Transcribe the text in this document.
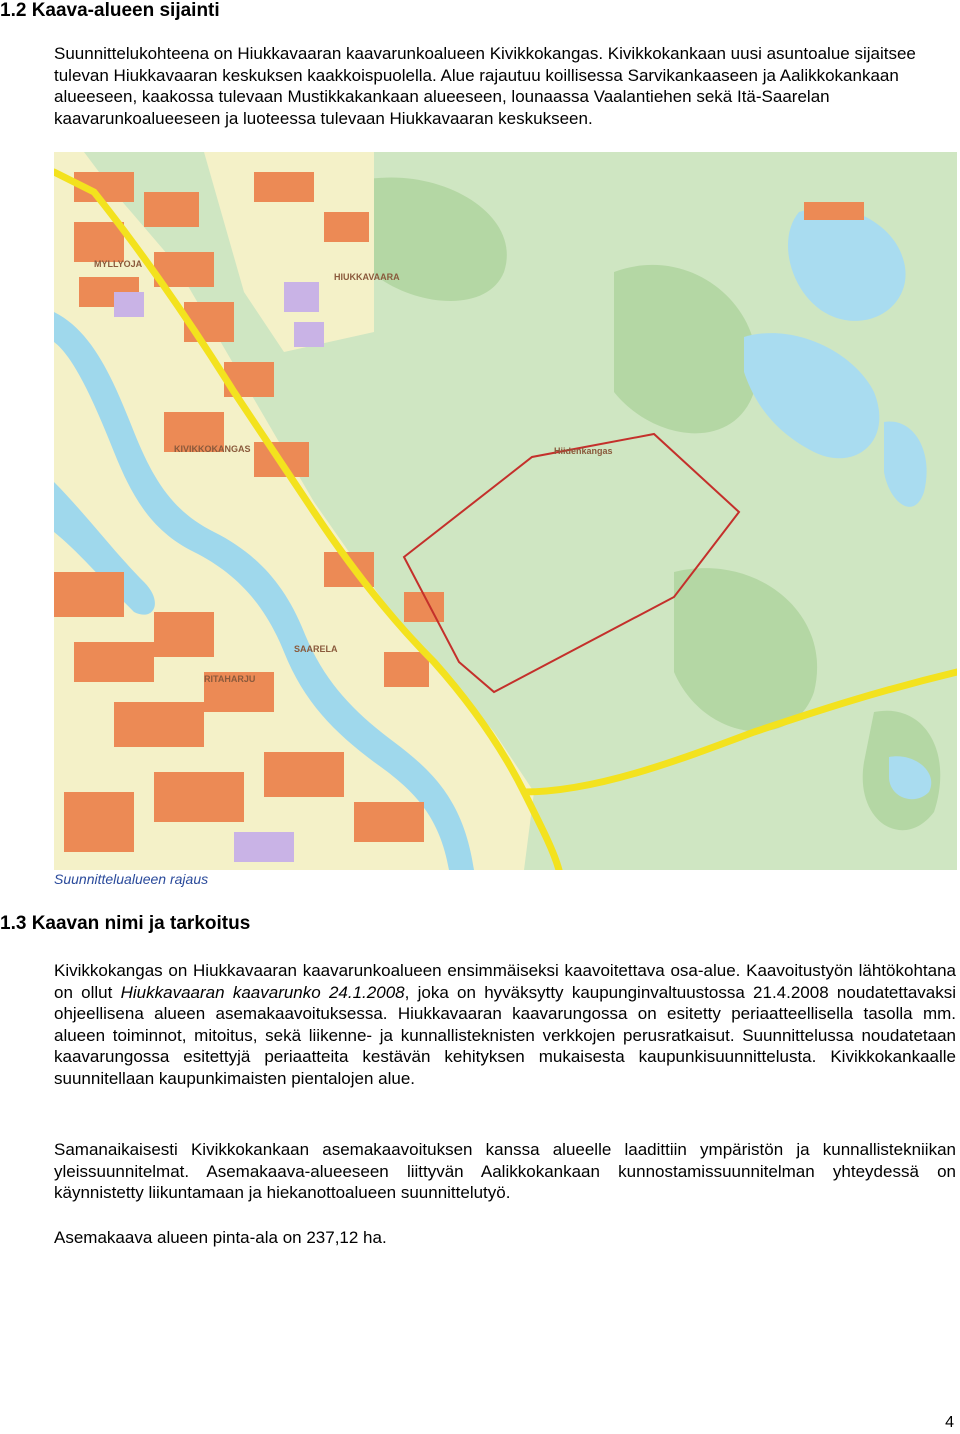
1.2 Kaava-alueen sijainti

Suunnittelukohteena on Hiukkavaaran kaavarunkoalueen Kivikkokangas. Kivikkokankaan uusi asuntoalue sijaitsee tulevan Hiukkavaaran keskuksen kaakkoispuolella. Alue rajautuu koillisessa Sarvikankaaseen ja Aalikkokankaan alueeseen, kaakossa tulevaan Mustikkakankaan alueeseen, lounaassa Vaalantiehen sekä Itä-Saarelan kaavarunkoalueeseen ja luoteessa tulevaan Hiukkavaaran keskukseen.

HIUKKAVAARA
KIVIKKOKANGAS
SAARELA
RITAHARJU
MYLLYOJA
Hiidenkangas

Suunnittelualueen rajaus

1.3 Kaavan nimi ja tarkoitus

Kivikkokangas on Hiukkavaaran kaavarunkoalueen ensimmäiseksi kaavoitettava osa-alue. Kaavoitustyön lähtökohtana on ollut Hiukkavaaran kaavarunko 24.1.2008, joka on hyväksytty kaupunginvaltuustossa 21.4.2008 noudatettavaksi ohjeellisena alueen asemakaavoituksessa. Hiukkavaaran kaavarungossa on esitetty periaatteellisella tasolla mm. alueen toiminnot, mitoitus, sekä liikenne- ja kunnallisteknisten verkkojen perusratkaisut. Suunnittelussa noudatetaan kaavarungossa esitettyjä periaatteita kestävän kehityksen mukaisesta kaupunkisuunnittelusta. Kivikkokankaalle suunnitellaan kaupunkimaisten pientalojen alue.

Samanaikaisesti Kivikkokankaan asemakaavoituksen kanssa alueelle laadittiin ympäristön ja kunnallistekniikan yleissuunnitelmat. Asemakaava-alueeseen liittyvän Aalikkokankaan kunnostamissuunnitelman yhteydessä on käynnistetty liikuntamaan ja hiekanottoalueen suunnittelutyö.

Asemakaava alueen pinta-ala on 237,12 ha.

4
